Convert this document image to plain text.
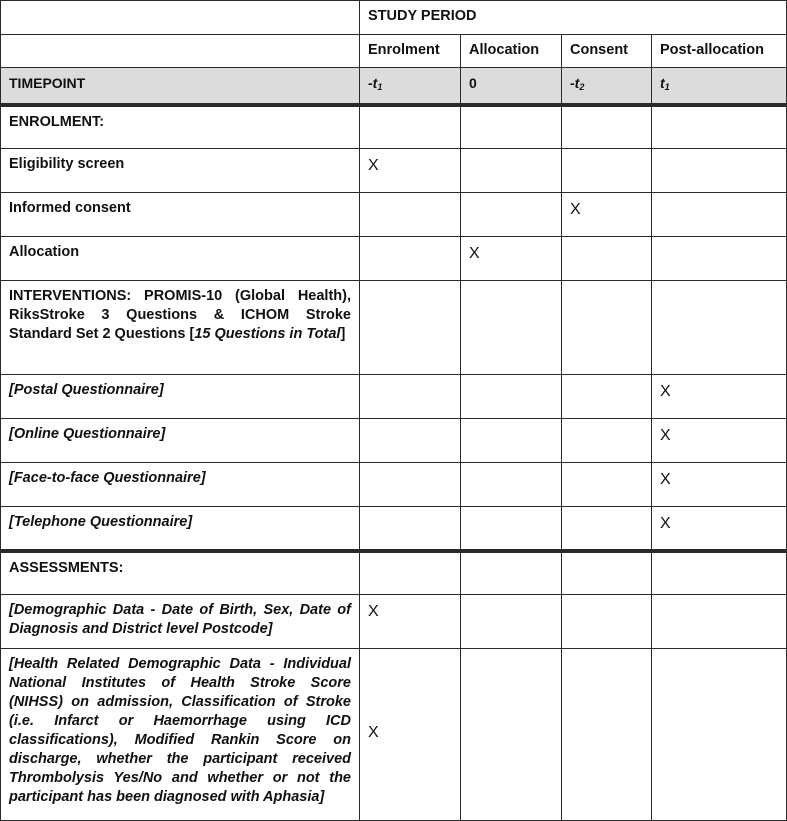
	STUDY PERIOD			
	Enrolment	Allocation	Consent	Post-allocation
TIMEPOINT	$-t_1$	0	$-t_2$	$t_1$
ENROLMENT:				
Eligibility screen	X			
Informed consent			X	
Allocation		X		
INTERVENTIONS: PROMIS-10 (Global Health), RiksStroke 3 Questions & ICHOM Stroke Standard Set 2 Questions [15 Questions in Total]				
[Postal Questionnaire]				X
[Online Questionnaire]				X
[Face-to-face Questionnaire]				X
[Telephone Questionnaire]				X
ASSESSMENTS:				
[Demographic Data - Date of Birth, Sex, Date of Diagnosis and District level Postcode]	X			
[Health Related Demographic Data - Individual National Institutes of Health Stroke Score (NIHSS) on admission, Classification of Stroke (i.e. Infarct or Haemorrhage using ICD classifications), Modified Rankin Score on discharge, whether the participant received Thrombolysis Yes/No and whether or not the participant has been diagnosed with Aphasia]	X			
